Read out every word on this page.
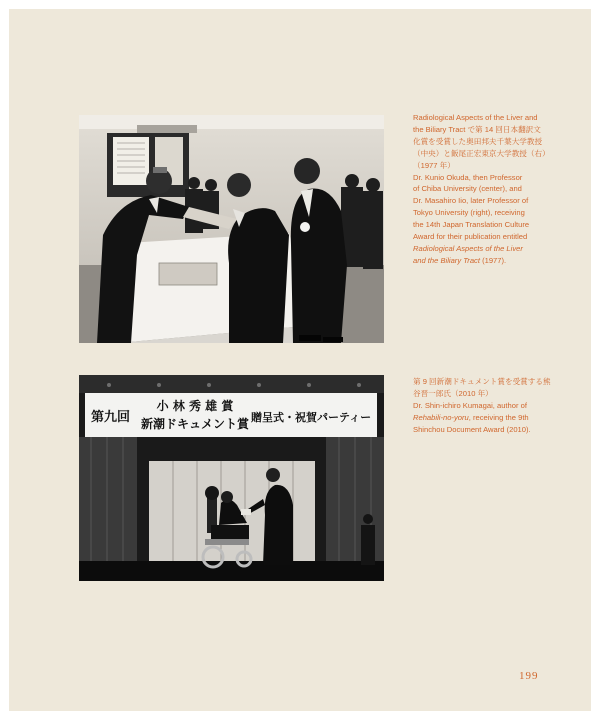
Radiological Aspects of the Liver and
the Biliary Tract で第 14 回日本翻訳文
化賞を受賞した奥田邦夫千葉大学教授
（中央）と飯尾正宏東京大学教授（右）
（1977 年）
Dr. Kunio Okuda, then Professor
of Chiba University (center), and
Dr. Masahiro Iio, later Professor of
Tokyo University (right), receiving
the 14th Japan Translation Culture
Award for their publication entitled
Radiological Aspects of the Liver
and the Biliary Tract (1977).
第九回
小 林 秀 雄 賞
新潮ドキュメント賞 贈呈式・祝賀パーティー
第 9 回新潮ドキュメント賞を受賞する熊
谷晋一郎氏（2010 年）
Dr. Shin-ichiro Kumagai, author of
Rehabili-no-yoru, receiving the 9th
Shinchou Document Award (2010).
199
